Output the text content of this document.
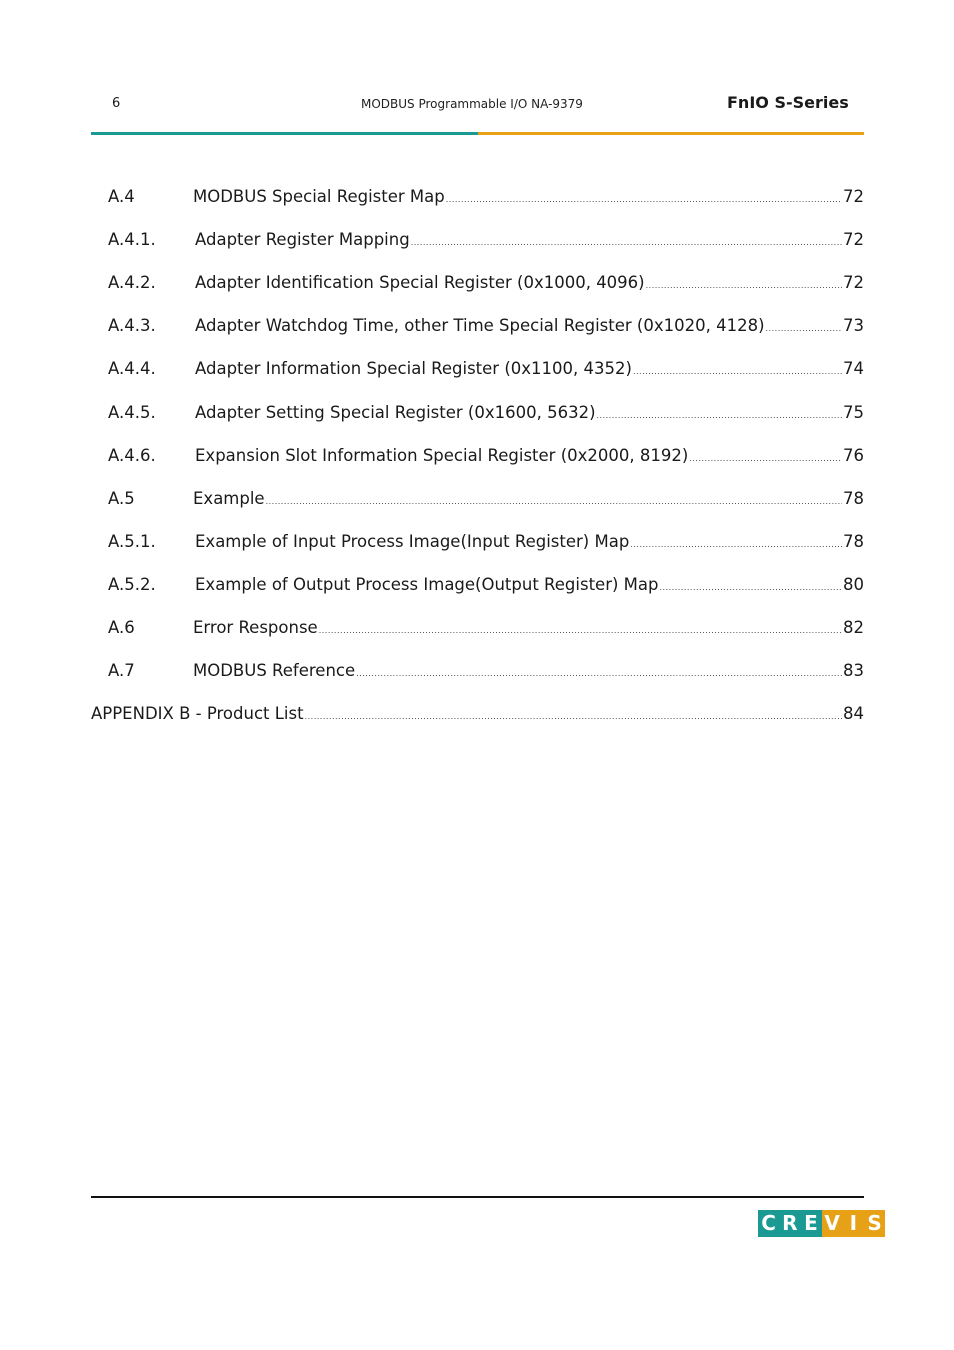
6	MODBUS Programmable I/O NA-9379	FnIO S-Series
A.4	MODBUS Special Register Map .....	72
A.4.1.	Adapter Register Mapping .....	72
A.4.2.	Adapter Identification Special Register (0x1000, 4096) .....	72
A.4.3.	Adapter Watchdog Time, other Time Special Register (0x1020, 4128) .....	73
A.4.4.	Adapter Information Special Register (0x1100, 4352) .....	74
A.4.5.	Adapter Setting Special Register (0x1600, 5632) .....	75
A.4.6.	Expansion Slot Information Special Register (0x2000, 8192) .....	76
A.5	Example .....	78
A.5.1.	Example of Input Process Image(Input Register) Map .....	78
A.5.2.	Example of Output Process Image(Output Register) Map .....	80
A.6	Error Response .....	82
A.7	MODBUS Reference .....	83
APPENDIX B - Product List .....	84
C R E V I S
